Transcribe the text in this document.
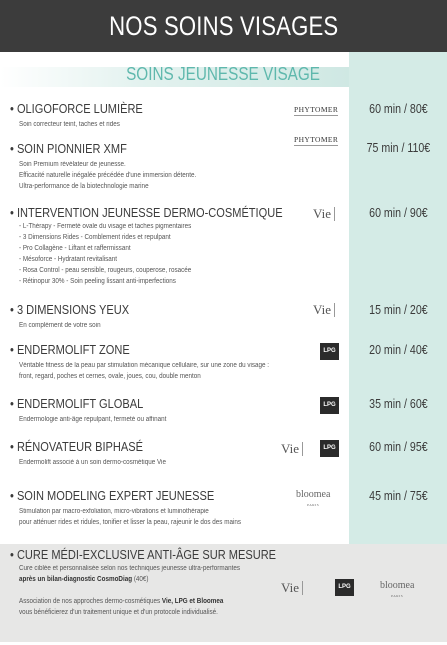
NOS SOINS VISAGES
SOINS JEUNESSE VISAGE
• OLIGOFORCE LUMIÈRE
Soin correcteur teint, taches et rides
60 min / 80€
PHYTOMER
• SOIN PIONNIER XMF
Soin Premium révélateur de jeunesse.
Efficacité naturelle inégalée précédée d'une immersion détente.
Ultra-performance de la biotechnologie marine
75 min / 110€
PHYTOMER
• INTERVENTION JEUNESSE DERMO-COSMÉTIQUE
- L-Thérapy - Fermeté ovale du visage et taches pigmentaires
- 3 Dimensions Rides - Comblement rides et repulpant
- Pro Collagène - Liftant et raffermissant
- Mésoforce - Hydratant revitalisant
- Rosa Control - peau sensible, rougeurs, couperose, rosacée
- Rétinopur 30% - Soin peeling lissant anti-imperfections
60 min / 90€
Vie
• 3 DIMENSIONS YEUX
En complément de votre soin
15 min / 20€
Vie
• ENDERMOLIFT ZONE
Véritable fitness de la peau par stimulation mécanique cellulaire, sur une zone du visage :
front, regard, poches et cernes, ovale, joues, cou, double menton
20 min / 40€
LPG
• ENDERMOLIFT GLOBAL
Endermologie anti-âge repulpant, fermeté ou affinant
35 min / 60€
LPG
• RÉNOVATEUR BIPHASÉ
Endermolift associé à un soin dermo-cosmétique Vie
60 min / 95€
Vie	LPG
• SOIN MODELING EXPERT JEUNESSE
Stimulation par macro-exfoliation, micro-vibrations et luminothérapie
pour atténuer rides et ridules, tonifier et lisser la peau, rajeunir le dos des mains
45 min / 75€
bloomea
PARIS
• CURE MÉDI-EXCLUSIVE ANTI-ÂGE SUR MESURE
Cure ciblée et personnalisée selon nos techniques jeunesse ultra-performantes
après un bilan-diagnostic CosmoDiag (40€)
Association de nos approches dermo-cosmétiques Vie, LPG et Bloomea
vous bénéficierez d'un traitement unique et d'un protocole individualisé.
Vie	LPG	bloomea
PARIS
